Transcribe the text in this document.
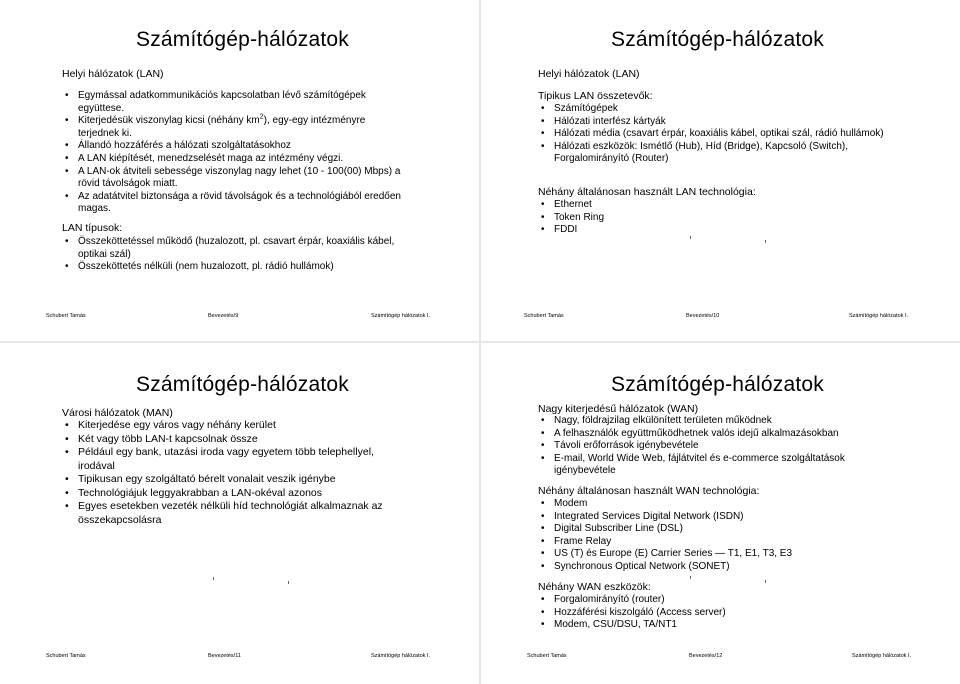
Számítógép-hálózatok
Helyi hálózatok (LAN)
• Egymással adatkommunikációs kapcsolatban lévő számítógépek együttese.
• Kiterjedésük viszonylag kicsi (néhány $km^2$), egy-egy intézményre terjednek ki.
• Állandó hozzáférés a hálózati szolgáltatásokhoz
• A LAN kiépítését, menedzselését maga az intézmény végzi.
• A LAN-ok átviteli sebessége viszonylag nagy lehet (10 - 100(00) Mbps) a rövid távolságok miatt.
• Az adatátvitel biztonsága a rövid távolságok és a technológiából eredően magas.
LAN típusok:
• Összeköttetéssel működő (huzalozott, pl. csavart érpár, koaxiális kábel, optikai szál)
• Összeköttetés nélküli (nem huzalozott, pl. rádió hullámok)
Schubert Tamás	Bevezetés/9	Számítógép hálózatok I.
Számítógép-hálózatok
Helyi hálózatok (LAN)
Tipikus LAN összetevők:
• Számítógépek
• Hálózati interfész kártyák
• Hálózati média (csavart érpár, koaxiális kábel, optikai szál, rádió hullámok)
• Hálózati eszközök: Ismétlő (Hub), Híd (Bridge), Kapcsoló (Switch), Forgalomirányító (Router)
Néhány általánosan használt LAN technológia:
• Ethernet
• Token Ring
• FDDI
Schubert Tamás	Bevezetés/10	Számítógép hálózatok I.
Számítógép-hálózatok
Városi hálózatok (MAN)
• Kiterjedése egy város vagy néhány kerület
• Két vagy több LAN-t kapcsolnak össze
• Például egy bank, utazási iroda vagy egyetem több telephellyel, irodával
• Tipikusan egy szolgáltató bérelt vonalait veszik igénybe
• Technológiájuk leggyakrabban a LAN-okéval azonos
• Egyes esetekben vezeték nélküli híd technológiát alkalmaznak az összekapcsolásra
Schubert Tamás	Bevezetés/11	Számítógép hálózatok I.
Számítógép-hálózatok
Nagy kiterjedésű hálózatok (WAN)
• Nagy, földrajzilag elkülönített területen működnek
• A felhasználók együttműködhetnek valós idejű alkalmazásokban
• Távoli erőforrások igénybevétele
• E-mail, World Wide Web, fájlátvitel és e-commerce szolgáltatások igénybevétele
Néhány általánosan használt WAN technológia:
• Modem
• Integrated Services Digital Network (ISDN)
• Digital Subscriber Line (DSL)
• Frame Relay
• US (T) és Europe (E) Carrier Series — T1, E1, T3, E3
• Synchronous Optical Network (SONET)
Néhány WAN eszközök:
• Forgalomirányító (router)
• Hozzáférési kiszolgáló (Access server)
• Modem, CSU/DSU, TA/NT1
Schubert Tamás	Bevezetés/12	Számítógép hálózatok I.
